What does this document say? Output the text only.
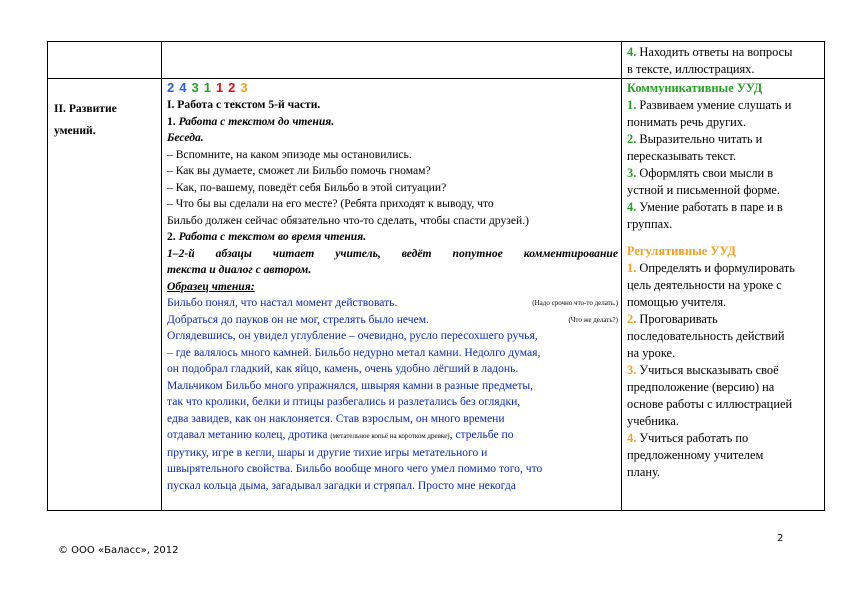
4. Находить ответы на вопросы
в тексте, иллюстрациях.
II. Развитие
умений.
2 4 3 1 1 2 3
I. Работа с текстом 5-й части.
1. Работа с текстом до чтения.
Беседа.
– Вспомните, на каком эпизоде мы остановились.
– Как вы думаете, сможет ли Бильбо помочь гномам?
– Как, по-вашему, поведёт себя Бильбо в этой ситуации?
– Что бы вы сделали на его месте? (Ребята приходят к выводу, что
Бильбо должен сейчас обязательно что-то сделать, чтобы спасти друзей.)
2. Работа с текстом во время чтения.
1–2-й абзацы читает учитель, ведёт попутное комментирование
текста и диалог с автором.
Образец чтения:
Бильбо понял, что настал момент действовать.	(Надо срочно что-то делать.)
Добраться до пауков он не мог, стрелять было нечем.	(Что же делать?)
Оглядевшись, он увидел углубление – очевидно, русло пересохшего ручья,
– где валялось много камней. Бильбо недурно метал камни. Недолго думая,
он подобрал гладкий, как яйцо, камень, очень удобно лёгший в ладонь.
Мальчиком Бильбо много упражнялся, швыряя камни в разные предметы,
так что кролики, белки и птицы разбегались и разлетались без оглядки,
едва завидев, как он наклоняется. Став взрослым, он много времени
отдавал метанию колец, дротика (метательное копьё на коротком древке), стрельбе по
прутику, игре в кегли, шары и другие тихие игры метательного и
швырятельного свойства. Бильбо вообще много чего умел помимо того, что
пускал кольца дыма, загадывал загадки и стряпал. Просто мне некогда
Коммуникативные УУД
1. Развиваем умение слушать и
понимать речь других.
2. Выразительно читать и
пересказывать текст.
3. Оформлять свои мысли в
устной и письменной форме.
4. Умение работать в паре и в
группах.
Регулятивные УУД
1. Определять и формулировать
цель деятельности на уроке с
помощью учителя.
2. Проговаривать
последовательность действий
на уроке.
3. Учиться высказывать своё
предположение (версию) на
основе работы с иллюстрацией
учебника.
4. Учиться работать по
предложенному учителем
плану.
2
© ООО «Баласс», 2012
